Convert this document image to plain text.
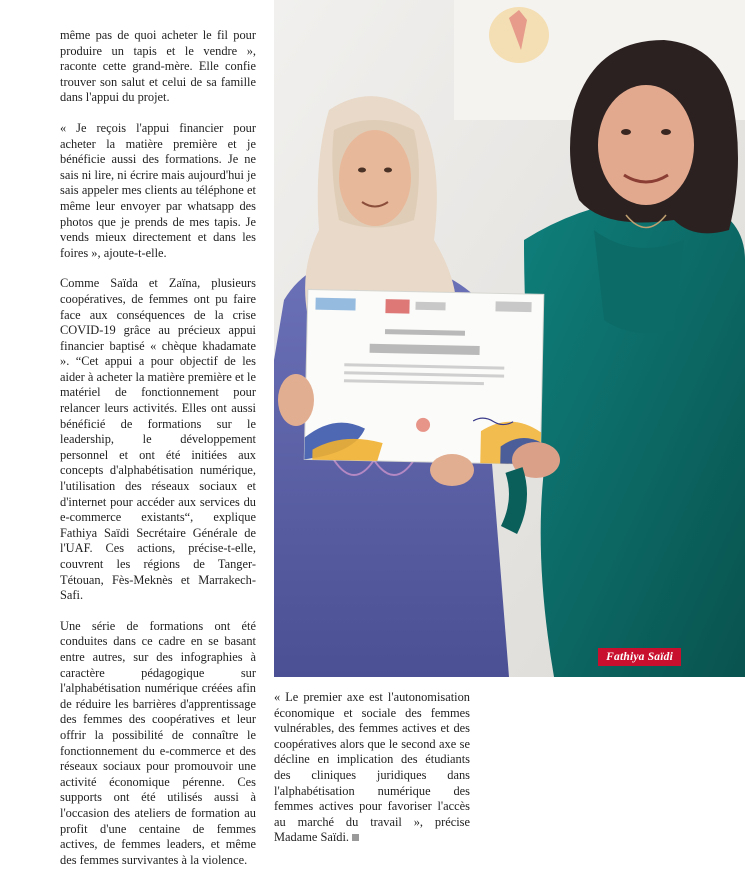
même pas de quoi acheter le fil pour produire un tapis et le vendre », raconte cette grand-mère. Elle confie trouver son salut et celui de sa famille dans l'appui du projet.

« Je reçois l'appui financier pour acheter la matière première et je bénéficie aussi des formations. Je ne sais ni lire, ni écrire mais aujourd'hui je sais appeler mes clients au téléphone et même leur envoyer par whatsapp des photos que je prends de mes tapis. Je vends mieux directement et dans les foires », ajoute-t-elle.

Comme Saïda et Zaïna, plusieurs coopératives, de femmes ont pu faire face aux conséquences de la crise COVID-19 grâce au précieux appui financier baptisé « chèque khadamate ». “Cet appui a pour objectif de les aider à acheter la matière première et le matériel de fonctionnement pour relancer leurs activités. Elles ont aussi bénéficié de formations sur le leadership, le développement personnel et ont été initiées aux concepts d'alphabétisation numérique, l'utilisation des réseaux sociaux et d'internet pour accéder aux services du e-commerce existants“, explique Fathiya Saïdi Secrétaire Générale de l'UAF. Ces actions, précise-t-elle, couvrent les régions de Tanger-Tétouan, Fès-Meknès et Marrakech-Safi.

Une série de formations ont été conduites dans ce cadre en se basant entre autres, sur des infographies à caractère pédagogique sur l'alphabétisation numérique créées afin de réduire les barrières d'apprentissage des femmes des coopératives et leur offrir la possibilité de connaître le fonctionnement du e-commerce et des réseaux sociaux pour promouvoir une activité économique pérenne. Ces supports ont été utilisés aussi à l'occasion des ateliers de formation au profit d'une centaine de femmes actives, de femmes leaders, et même des femmes survivantes à la violence.

Fathiya Saïdi

« Le premier axe est l'autonomisation économique et sociale des femmes vulnérables, des femmes actives et des coopératives alors que le second axe se décline en implication des étudiants des cliniques juridiques dans l'alphabétisation numérique des femmes actives pour favoriser l'accès au marché du travail », précise Madame Saïdi.
